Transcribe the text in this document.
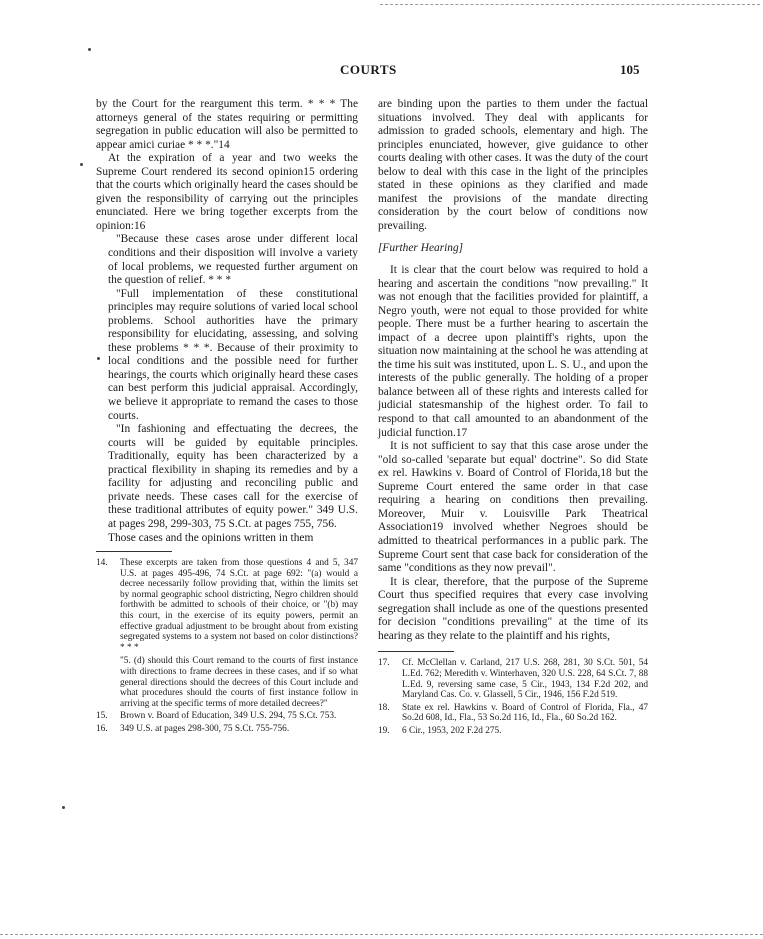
COURTS	105

by the Court for the reargument this term. * * * The attorneys general of the states requiring or permitting segregation in public education will also be permitted to appear amici curiae * * *."14

At the expiration of a year and two weeks the Supreme Court rendered its second opinion15 ordering that the courts which originally heard the cases should be given the responsibility of carrying out the principles enunciated. Here we bring together excerpts from the opinion:16

"Because these cases arose under different local conditions and their disposition will involve a variety of local problems, we requested further argument on the question of relief. * * *

"Full implementation of these constitutional principles may require solutions of varied local school problems. School authorities have the primary responsibility for elucidating, assessing, and solving these problems * * *. Because of their proximity to local conditions and the possible need for further hearings, the courts which originally heard these cases can best perform this judicial appraisal. Accordingly, we believe it appropriate to remand the cases to those courts.

"In fashioning and effectuating the decrees, the courts will be guided by equitable principles. Traditionally, equity has been characterized by a practical flexibility in shaping its remedies and by a facility for adjusting and reconciling public and private needs. These cases call for the exercise of these traditional attributes of equity power." 349 U.S. at pages 298, 299-303, 75 S.Ct. at pages 755, 756.

Those cases and the opinions written in them

14.	These excerpts are taken from those questions 4 and 5, 347 U.S. at pages 495-496, 74 S.Ct. at page 692: "(a) would a decree necessarily follow providing that, within the limits set by normal geographic school districting, Negro children should forthwith be admitted to schools of their choice, or "(b) may this court, in the exercise of its equity powers, permit an effective gradual adjustment to be brought about from existing segregated systems to a system not based on color distinctions? * * *

"5. (d) should this Court remand to the courts of first instance with directions to frame decrees in these cases, and if so what general directions should the decrees of this Court include and what procedures should the courts of first instance follow in arriving at the specific terms of more detailed decrees?"

15.	Brown v. Board of Education, 349 U.S. 294, 75 S.Ct. 753.
16.	349 U.S. at pages 298-300, 75 S.Ct. 755-756.

are binding upon the parties to them under the factual situations involved. They deal with applicants for admission to graded schools, elementary and high. The principles enunciated, however, give guidance to other courts dealing with other cases. It was the duty of the court below to deal with this case in the light of the principles stated in these opinions as they clarified and made manifest the provisions of the mandate directing consideration by the court below of conditions now prevailing.

[Further Hearing]

It is clear that the court below was required to hold a hearing and ascertain the conditions "now prevailing." It was not enough that the facilities provided for plaintiff, a Negro youth, were not equal to those provided for white people. There must be a further hearing to ascertain the impact of a decree upon plaintiff's rights, upon the situation now maintaining at the school he was attending at the time his suit was instituted, upon L. S. U., and upon the interests of the public generally. The holding of a proper balance between all of these rights and interests called for judicial statesmanship of the highest order. To fail to respond to that call amounted to an abandonment of the judicial function.17

It is not sufficient to say that this case arose under the "old so-called 'separate but equal' doctrine". So did State ex rel. Hawkins v. Board of Control of Florida,18 but the Supreme Court entered the same order in that case requiring a hearing on conditions then prevailing. Moreover, Muir v. Louisville Park Theatrical Association19 involved whether Negroes should be admitted to theatrical performances in a public park. The Supreme Court sent that case back for consideration of the same "conditions as they now prevail".

It is clear, therefore, that the purpose of the Supreme Court thus specified requires that every case involving segregation shall include as one of the questions presented for decision "conditions prevailing" at the time of its hearing as they relate to the plaintiff and his rights,

17.	Cf. McClellan v. Carland, 217 U.S. 268, 281, 30 S.Ct. 501, 54 L.Ed. 762; Meredith v. Winterhaven, 320 U.S. 228, 64 S.Ct. 7, 88 L.Ed. 9, reversing same case, 5 Cir., 1943, 134 F.2d 202, and Maryland Cas. Co. v. Glassell, 5 Cir., 1946, 156 F.2d 519.
18.	State ex rel. Hawkins v. Board of Control of Florida, Fla., 47 So.2d 608, Id., Fla., 53 So.2d 116, Id., Fla., 60 So.2d 162.
19.	6 Cir., 1953, 202 F.2d 275.
